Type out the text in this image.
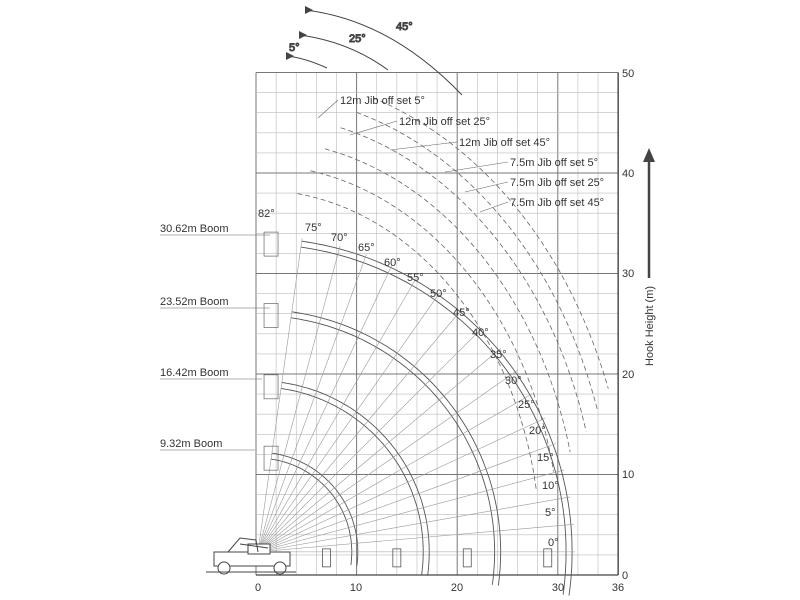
0	10	20	30	36
0
10
20
30
40
50
Hook Height (m)
30.62m Boom
23.52m Boom
16.42m Boom
9.32m Boom
82°
75°
70°
65°
60°
55°
50°
45°
40°
35°
30°
25°
20°
15°
10°
5°
0°
12m Jib off set 5°
12m Jib off set 25°
12m Jib off set 45°
7.5m Jib off set 5°
7.5m Jib off set 25°
7.5m Jib off set 45°
5°
25°
45°
